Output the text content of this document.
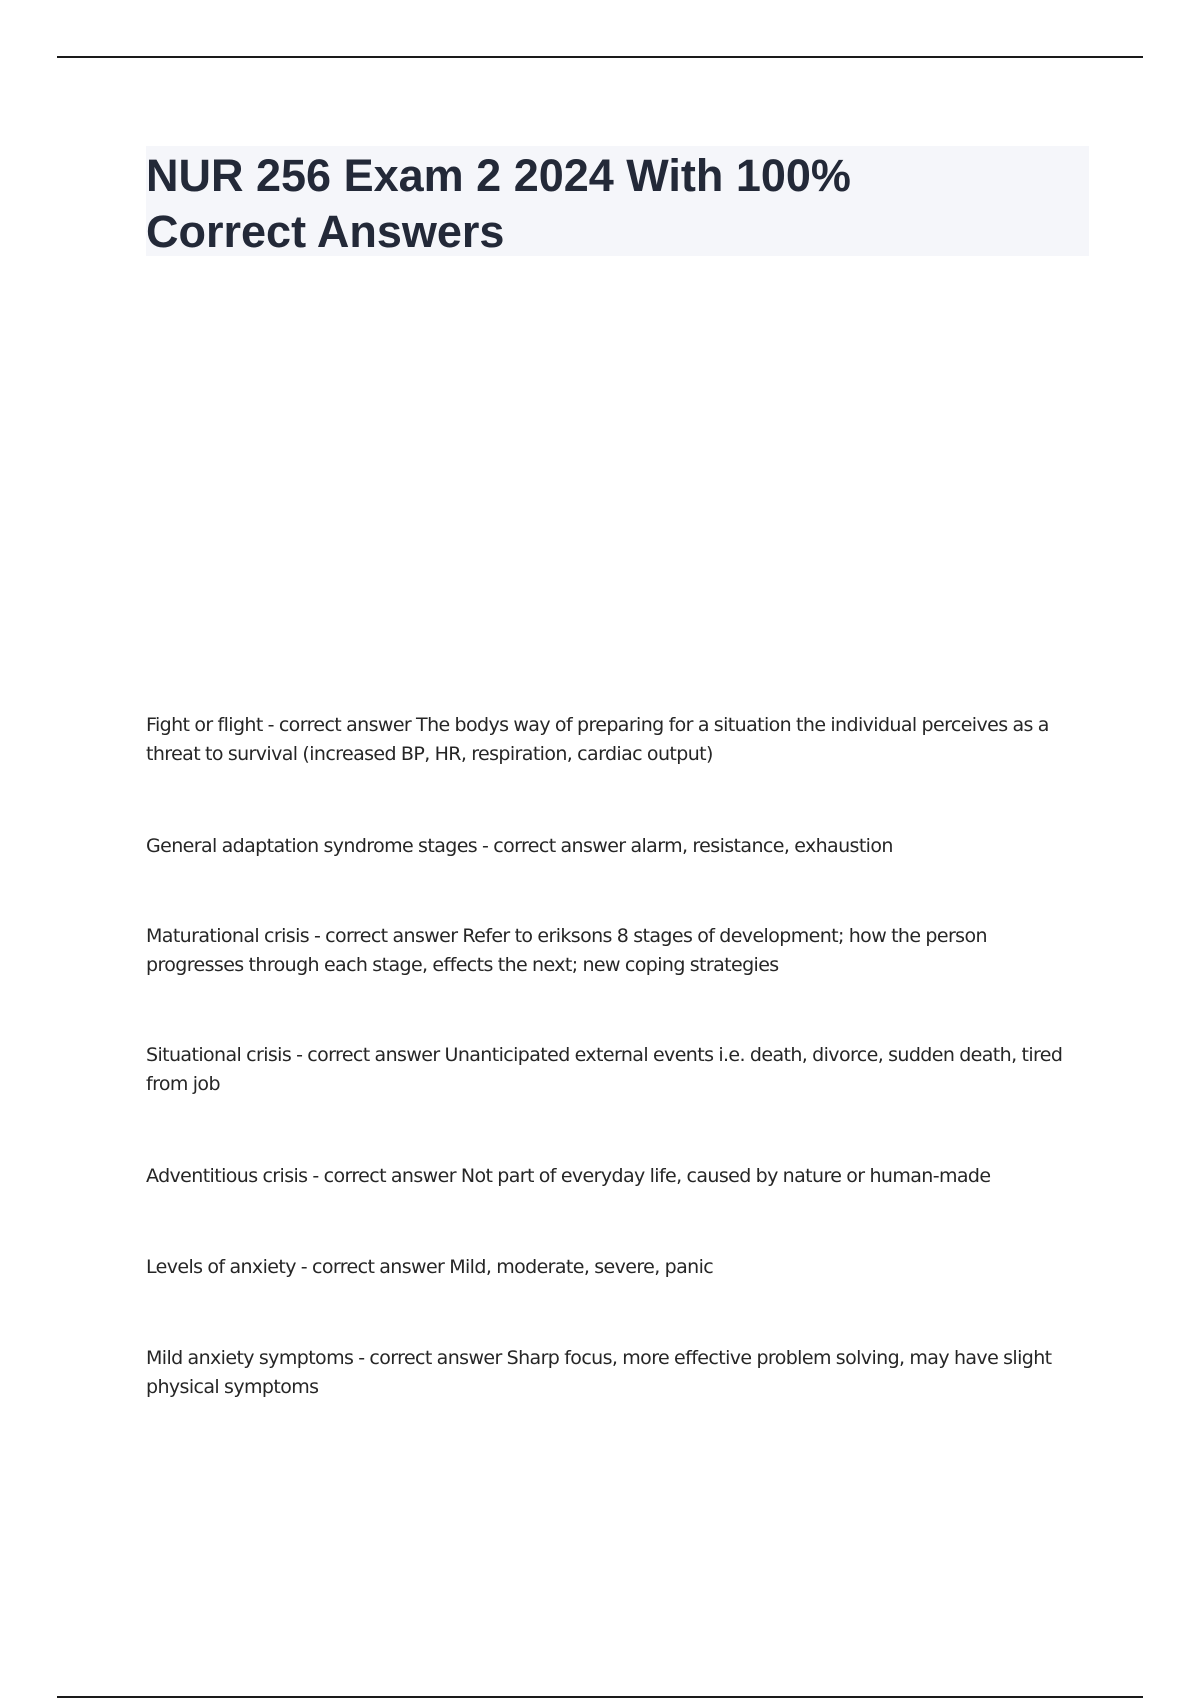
NUR 256 Exam 2 2024 With 100% Correct Answers
Fight or flight - correct answer The bodys way of preparing for a situation the individual perceives as a threat to survival (increased BP, HR, respiration, cardiac output)
General adaptation syndrome stages - correct answer alarm, resistance, exhaustion
Maturational crisis - correct answer Refer to eriksons 8 stages of development; how the person progresses through each stage, effects the next; new coping strategies
Situational crisis - correct answer Unanticipated external events i.e. death, divorce, sudden death, tired from job
Adventitious crisis - correct answer Not part of everyday life, caused by nature or human-made
Levels of anxiety - correct answer Mild, moderate, severe, panic
Mild anxiety symptoms - correct answer Sharp focus, more effective problem solving, may have slight physical symptoms
